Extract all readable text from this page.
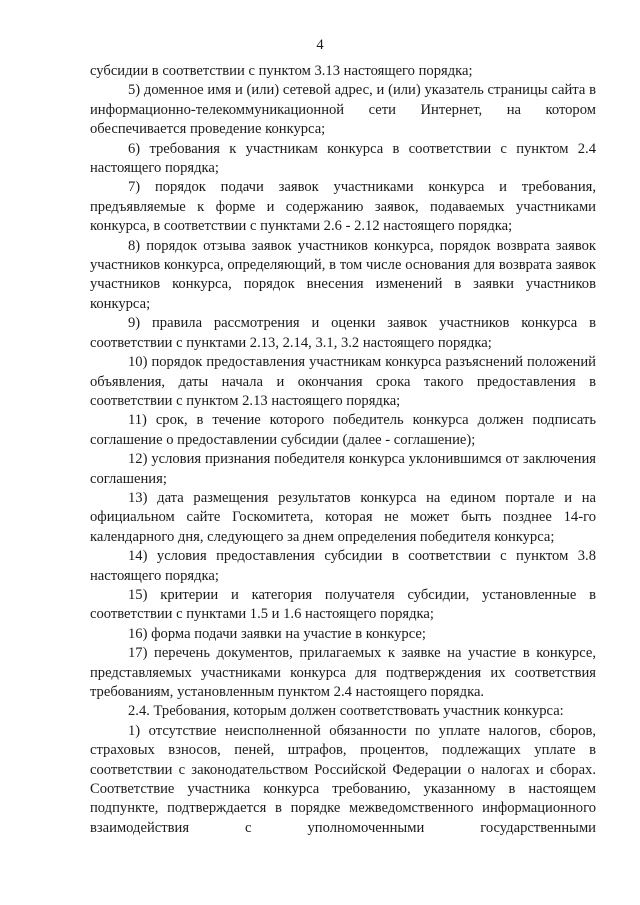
4

субсидии в соответствии с пунктом 3.13 настоящего порядка;

5) доменное имя и (или) сетевой адрес, и (или) указатель страницы сайта в информационно-телекоммуникационной сети Интернет, на котором обеспечивается проведение конкурса;

6) требования к участникам конкурса в соответствии с пунктом 2.4 настоящего порядка;

7) порядок подачи заявок участниками конкурса и требования, предъявляемые к форме и содержанию заявок, подаваемых участниками конкурса, в соответствии с пунктами 2.6 - 2.12 настоящего порядка;

8) порядок отзыва заявок участников конкурса, порядок возврата заявок участников конкурса, определяющий, в том числе основания для возврата заявок участников конкурса, порядок внесения изменений в заявки участников конкурса;

9) правила рассмотрения и оценки заявок участников конкурса в соответствии с пунктами 2.13, 2.14, 3.1, 3.2 настоящего порядка;

10) порядок предоставления участникам конкурса разъяснений положений объявления, даты начала и окончания срока такого предоставления в соответствии с пунктом 2.13 настоящего порядка;

11) срок, в течение которого победитель конкурса должен подписать соглашение о предоставлении субсидии (далее - соглашение);

12) условия признания победителя конкурса уклонившимся от заключения соглашения;

13) дата размещения результатов конкурса на едином портале и на официальном сайте Госкомитета, которая не может быть позднее 14-го календарного дня, следующего за днем определения победителя конкурса;

14) условия предоставления субсидии в соответствии с пунктом 3.8 настоящего порядка;

15) критерии и категория получателя субсидии, установленные в соответствии с пунктами 1.5 и 1.6 настоящего порядка;

16) форма подачи заявки на участие в конкурсе;

17) перечень документов, прилагаемых к заявке на участие в конкурсе, представляемых участниками конкурса для подтверждения их соответствия требованиям, установленным пунктом 2.4 настоящего порядка.

2.4. Требования, которым должен соответствовать участник конкурса:

1) отсутствие неисполненной обязанности по уплате налогов, сборов, страховых взносов, пеней, штрафов, процентов, подлежащих уплате в соответствии с законодательством Российской Федерации о налогах и сборах. Соответствие участника конкурса требованию, указанному в настоящем подпункте, подтверждается в порядке межведомственного информационного взаимодействия с уполномоченными государственными
